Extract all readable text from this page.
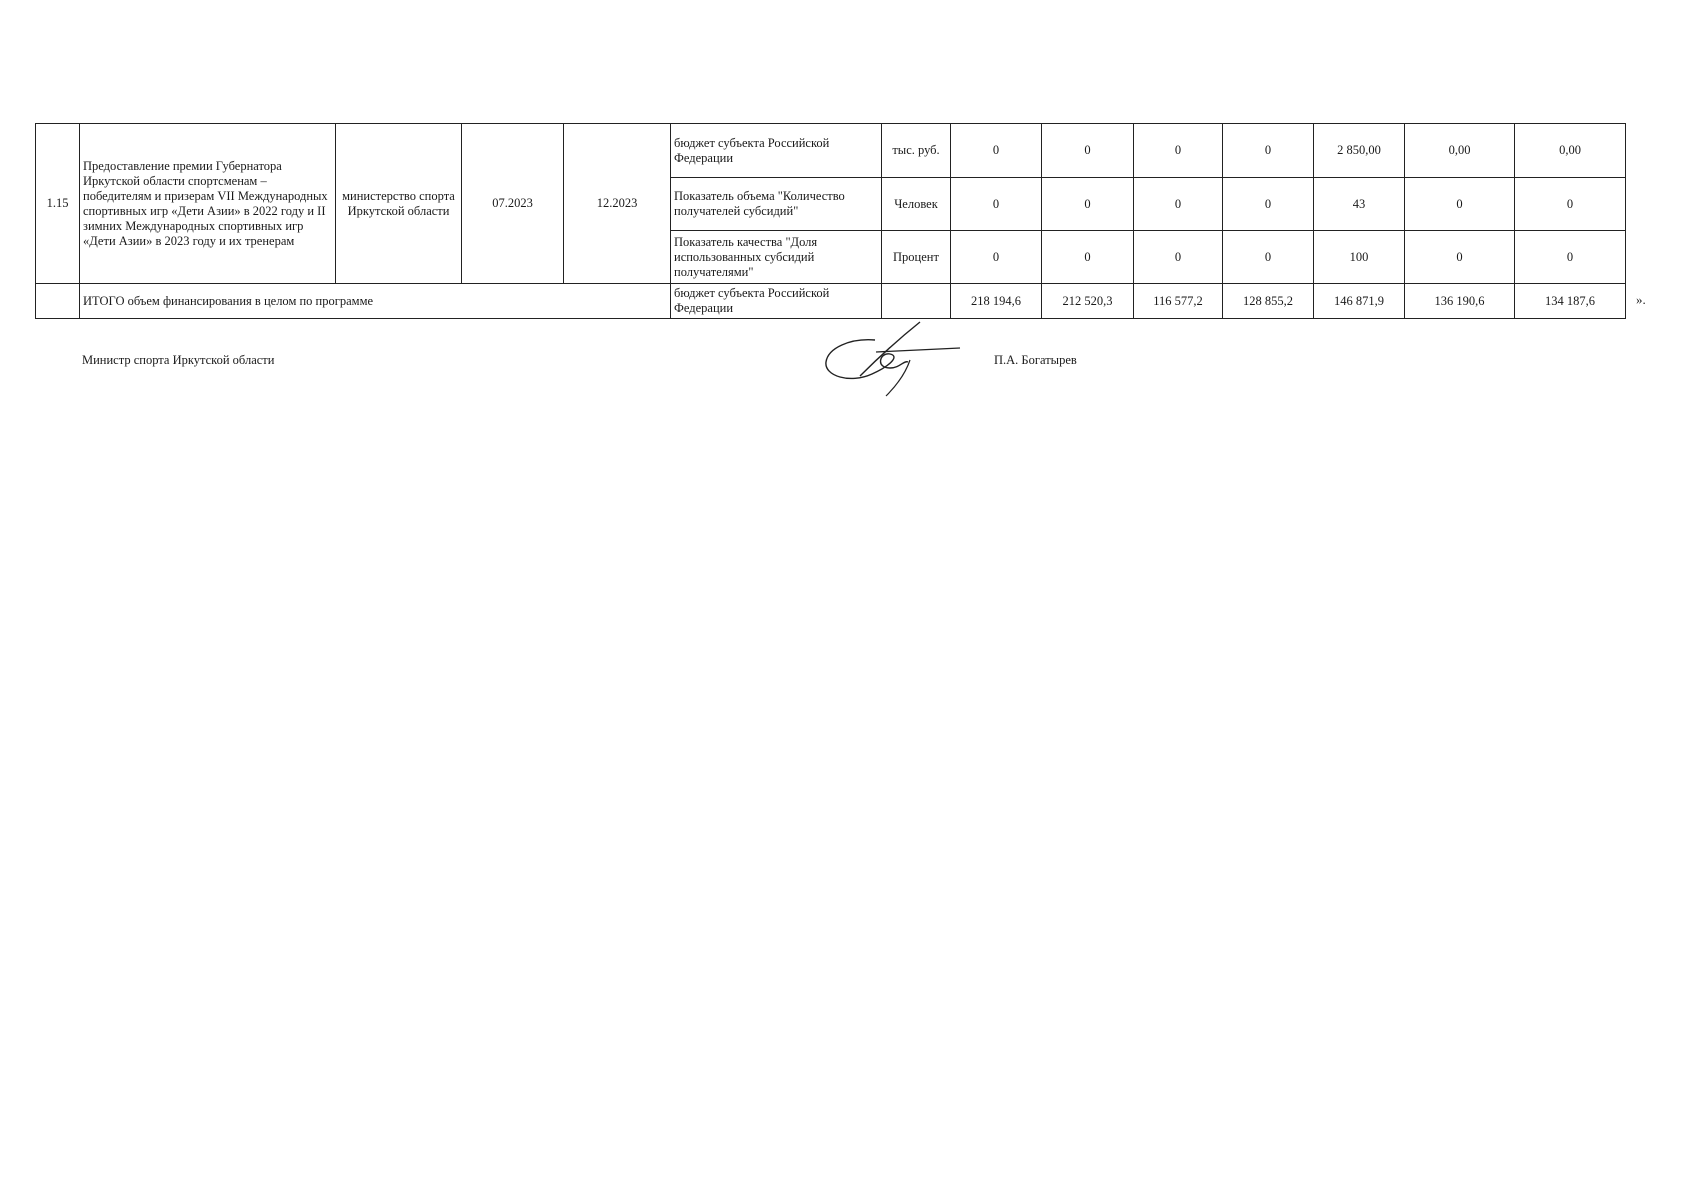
1.15	Предоставление премии Губернатора Иркутской области спортсменам – победителям и призерам VII Международных спортивных игр «Дети Азии» в 2022 году и II зимних Международных спортивных игр «Дети Азии» в 2023 году и их тренерам	министерство спорта Иркутской области	07.2023	12.2023	бюджет субъекта Российской Федерации	тыс. руб.	0	0	0	0	2 850,00	0,00	0,00
					Показатель объема "Количество получателей субсидий"	Человек	0	0	0	0	43	0	0
					Показатель качества "Доля использованных субсидий получателями"	Процент	0	0	0	0	100	0	0
	ИТОГО объем финансирования в целом по программе				бюджет субъекта Российской Федерации		218 194,6	212 520,3	116 577,2	128 855,2	146 871,9	136 190,6	134 187,6	».
Министр спорта Иркутской области	П.А. Богатырев
